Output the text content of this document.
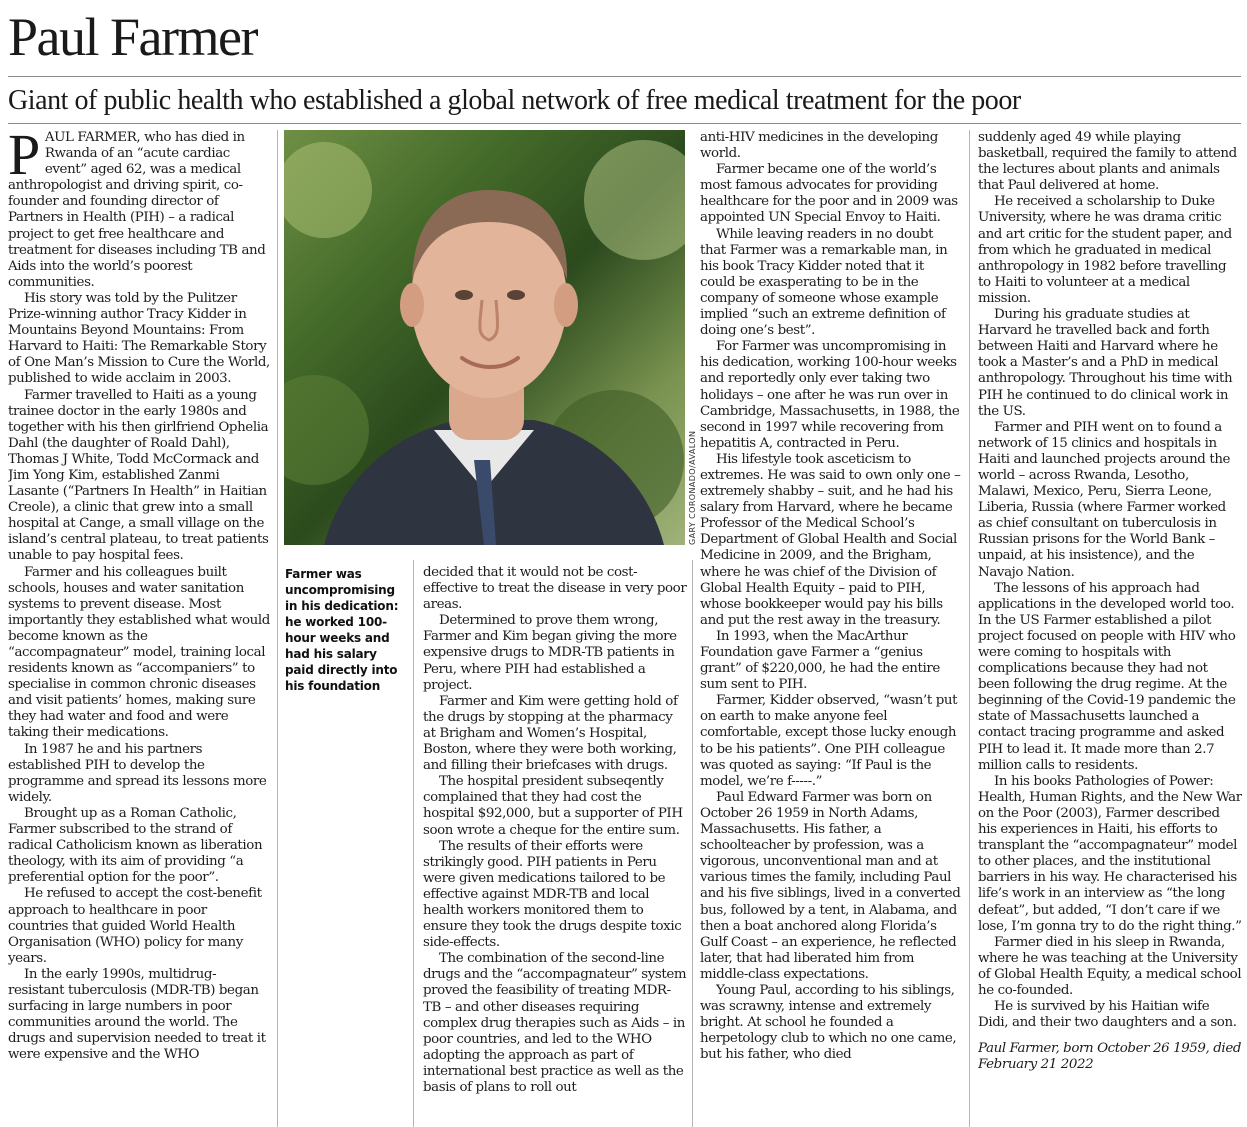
Paul Farmer
Giant of public health who established a global network of free medical treatment for the poor

PAUL FARMER, who has died in Rwanda of an “acute cardiac event” aged 62, was a medical anthropologist and driving spirit, co-founder and founding director of Partners in Health (PIH) – a radical project to get free healthcare and treatment for diseases including TB and Aids into the world’s poorest communities.

His story was told by the Pulitzer Prize-winning author Tracy Kidder in Mountains Beyond Mountains: From Harvard to Haiti: The Remarkable Story of One Man’s Mission to Cure the World, published to wide acclaim in 2003.

Farmer travelled to Haiti as a young trainee doctor in the early 1980s and together with his then girlfriend Ophelia Dahl (the daughter of Roald Dahl), Thomas J White, Todd McCormack and Jim Yong Kim, established Zanmi Lasante (“Partners In Health” in Haitian Creole), a clinic that grew into a small hospital at Cange, a small village on the island’s central plateau, to treat patients unable to pay hospital fees.

Farmer and his colleagues built schools, houses and water sanitation systems to prevent disease. Most importantly they established what would become known as the “accompagnateur” model, training local residents known as “accompaniers” to specialise in common chronic diseases and visit patients’ homes, making sure they had water and food and were taking their medications.

In 1987 he and his partners established PIH to develop the programme and spread its lessons more widely.

Brought up as a Roman Catholic, Farmer subscribed to the strand of radical Catholicism known as liberation theology, with its aim of providing “a preferential option for the poor”.

He refused to accept the cost-benefit approach to healthcare in poor countries that guided World Health Organisation (WHO) policy for many years.

In the early 1990s, multidrug-resistant tuberculosis (MDR-TB) began surfacing in large numbers in poor communities around the world. The drugs and supervision needed to treat it were expensive and the WHO

GARY CORONADO/AVALON
Farmer was uncompromising in his dedication: he worked 100-hour weeks and had his salary paid directly into his foundation

decided that it would not be cost-effective to treat the disease in very poor areas.

Determined to prove them wrong, Farmer and Kim began giving the more expensive drugs to MDR-TB patients in Peru, where PIH had established a project.

Farmer and Kim were getting hold of the drugs by stopping at the pharmacy at Brigham and Women’s Hospital, Boston, where they were both working, and filling their briefcases with drugs.

The hospital president subseqently complained that they had cost the hospital $92,000, but a supporter of PIH soon wrote a cheque for the entire sum.

The results of their efforts were strikingly good. PIH patients in Peru were given medications tailored to be effective against MDR-TB and local health workers monitored them to ensure they took the drugs despite toxic side-effects.

The combination of the second-line drugs and the “accompagnateur” system proved the feasibility of treating MDR-TB – and other diseases requiring complex drug therapies such as Aids – in poor countries, and led to the WHO adopting the approach as part of international best practice as well as the basis of plans to roll out

anti-HIV medicines in the developing world.

Farmer became one of the world’s most famous advocates for providing healthcare for the poor and in 2009 was appointed UN Special Envoy to Haiti.

While leaving readers in no doubt that Farmer was a remarkable man, in his book Tracy Kidder noted that it could be exasperating to be in the company of someone whose example implied “such an extreme definition of doing one’s best”.

For Farmer was uncompromising in his dedication, working 100-hour weeks and reportedly only ever taking two holidays – one after he was run over in Cambridge, Massachusetts, in 1988, the second in 1997 while recovering from hepatitis A, contracted in Peru.

His lifestyle took asceticism to extremes. He was said to own only one – extremely shabby – suit, and he had his salary from Harvard, where he became Professor of the Medical School’s Department of Global Health and Social Medicine in 2009, and the Brigham, where he was chief of the Division of Global Health Equity – paid to PIH, whose bookkeeper would pay his bills and put the rest away in the treasury.

In 1993, when the MacArthur Foundation gave Farmer a “genius grant” of $220,000, he had the entire sum sent to PIH.

Farmer, Kidder observed, “wasn’t put on earth to make anyone feel comfortable, except those lucky enough to be his patients”. One PIH colleague was quoted as saying: “If Paul is the model, we’re f-----.”

Paul Edward Farmer was born on October 26 1959 in North Adams, Massachusetts. His father, a schoolteacher by profession, was a vigorous, unconventional man and at various times the family, including Paul and his five siblings, lived in a converted bus, followed by a tent, in Alabama, and then a boat anchored along Florida’s Gulf Coast – an experience, he reflected later, that had liberated him from middle-class expectations.

Young Paul, according to his siblings, was scrawny, intense and extremely bright. At school he founded a herpetology club to which no one came, but his father, who died

suddenly aged 49 while playing basketball, required the family to attend the lectures about plants and animals that Paul delivered at home.

He received a scholarship to Duke University, where he was drama critic and art critic for the student paper, and from which he graduated in medical anthropology in 1982 before travelling to Haiti to volunteer at a medical mission.

During his graduate studies at Harvard he travelled back and forth between Haiti and Harvard where he took a Master’s and a PhD in medical anthropology. Throughout his time with PIH he continued to do clinical work in the US.

Farmer and PIH went on to found a network of 15 clinics and hospitals in Haiti and launched projects around the world – across Rwanda, Lesotho, Malawi, Mexico, Peru, Sierra Leone, Liberia, Russia (where Farmer worked as chief consultant on tuberculosis in Russian prisons for the World Bank – unpaid, at his insistence), and the Navajo Nation.

The lessons of his approach had applications in the developed world too. In the US Farmer established a pilot project focused on people with HIV who were coming to hospitals with complications because they had not been following the drug regime. At the beginning of the Covid-19 pandemic the state of Massachusetts launched a contact tracing programme and asked PIH to lead it. It made more than 2.7 million calls to residents.

In his books Pathologies of Power: Health, Human Rights, and the New War on the Poor (2003), Farmer described his experiences in Haiti, his efforts to transplant the “accompagnateur” model to other places, and the institutional barriers in his way. He characterised his life’s work in an interview as “the long defeat”, but added, “I don’t care if we lose, I’m gonna try to do the right thing.”

Farmer died in his sleep in Rwanda, where he was teaching at the University of Global Health Equity, a medical school he co-founded.

He is survived by his Haitian wife Didi, and their two daughters and a son.

Paul Farmer, born October 26 1959, died February 21 2022
